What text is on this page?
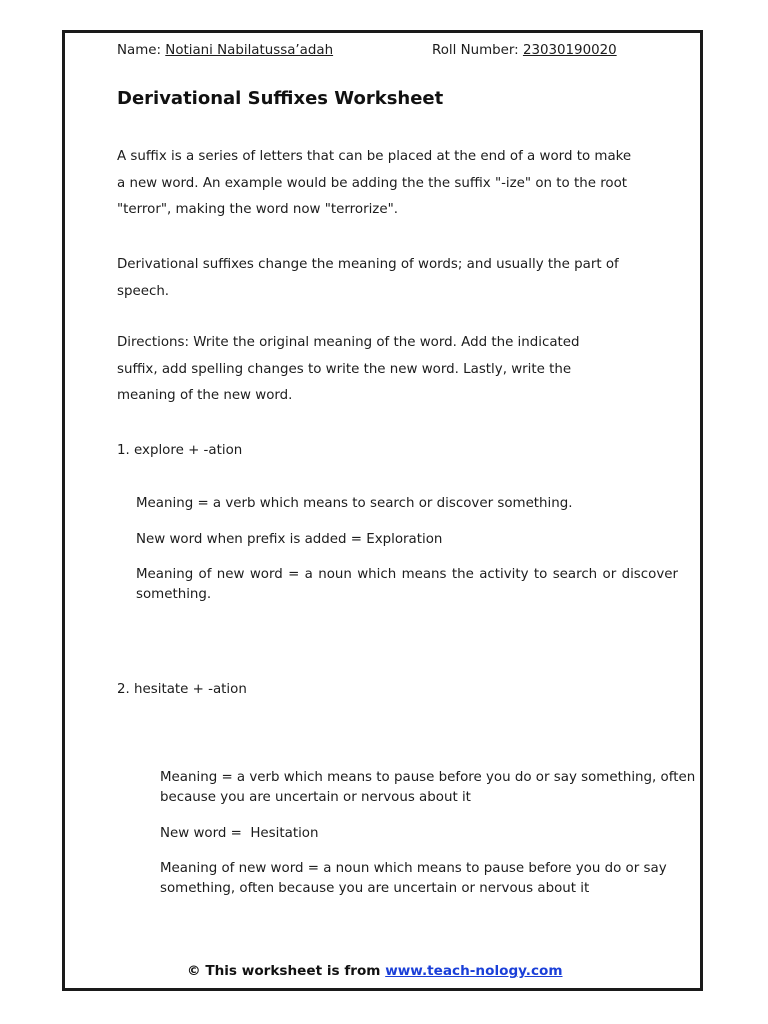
Name: Notiani Nabilatussa’adah	Roll Number: 23030190020
Derivational Suffixes Worksheet

A suffix is a series of letters that can be placed at the end of a word to make a new word. An example would be adding the the suffix "-ize" on to the root "terror", making the word now "terrorize".

Derivational suffixes change the meaning of words; and usually the part of speech.

Directions: Write the original meaning of the word. Add the indicated suffix, add spelling changes to write the new word. Lastly, write the meaning of the new word.

1. explore + -ation

Meaning = a verb which means to search or discover something.

New word when prefix is added = Exploration

Meaning of new word = a noun which means the activity to search or discover something.

2. hesitate + -ation

Meaning = a verb which means to pause before you do or say something, often because you are uncertain or nervous about it

New word =  Hesitation

Meaning of new word = a noun which means to pause before you do or say something, often because you are uncertain or nervous about it

© This worksheet is from www.teach-nology.com
